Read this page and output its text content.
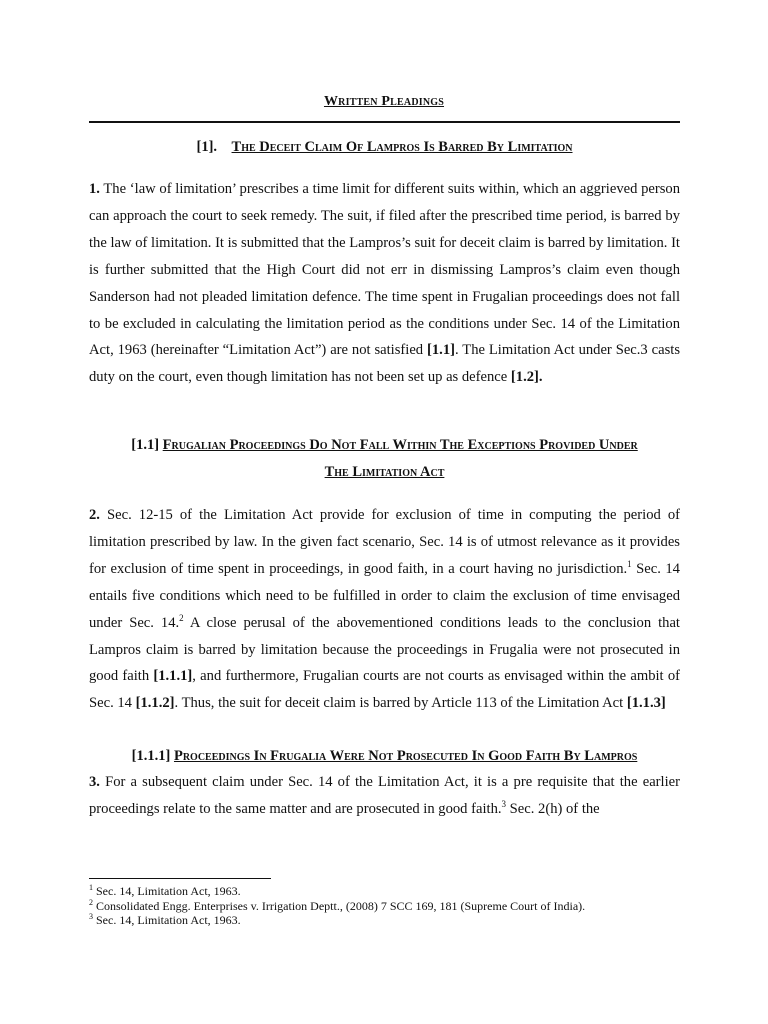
Written Pleadings
[1]. The Deceit Claim Of Lampros Is Barred By Limitation

1. The ‘law of limitation’ prescribes a time limit for different suits within, which an aggrieved person can approach the court to seek remedy. The suit, if filed after the prescribed time period, is barred by the law of limitation. It is submitted that the Lampros’s suit for deceit claim is barred by limitation. It is further submitted that the High Court did not err in dismissing Lampros’s claim even though Sanderson had not pleaded limitation defence. The time spent in Frugalian proceedings does not fall to be excluded in calculating the limitation period as the conditions under Sec. 14 of the Limitation Act, 1963 (hereinafter “Limitation Act”) are not satisfied [1.1]. The Limitation Act under Sec.3 casts duty on the court, even though limitation has not been set up as defence [1.2].

[1.1] Frugalian Proceedings Do Not Fall Within The Exceptions Provided Under
The Limitation Act

2. Sec. 12-15 of the Limitation Act provide for exclusion of time in computing the period of limitation prescribed by law. In the given fact scenario, Sec. 14 is of utmost relevance as it provides for exclusion of time spent in proceedings, in good faith, in a court having no jurisdiction.$^1$ Sec. 14 entails five conditions which need to be fulfilled in order to claim the exclusion of time envisaged under Sec. 14.$^2$ A close perusal of the abovementioned conditions leads to the conclusion that Lampros claim is barred by limitation because the proceedings in Frugalia were not prosecuted in good faith [1.1.1], and furthermore, Frugalian courts are not courts as envisaged within the ambit of Sec. 14 [1.1.2]. Thus, the suit for deceit claim is barred by Article 113 of the Limitation Act [1.1.3]

[1.1.1] Proceedings In Frugalia Were Not Prosecuted In Good Faith By Lampros

3. For a subsequent claim under Sec. 14 of the Limitation Act, it is a pre requisite that the earlier proceedings relate to the same matter and are prosecuted in good faith.$^3$ Sec. 2(h) of the

$^1$ Sec. 14, Limitation Act, 1963.
$^2$ Consolidated Engg. Enterprises v. Irrigation Deptt., (2008) 7 SCC 169, 181 (Supreme Court of India).
$^3$ Sec. 14, Limitation Act, 1963.
